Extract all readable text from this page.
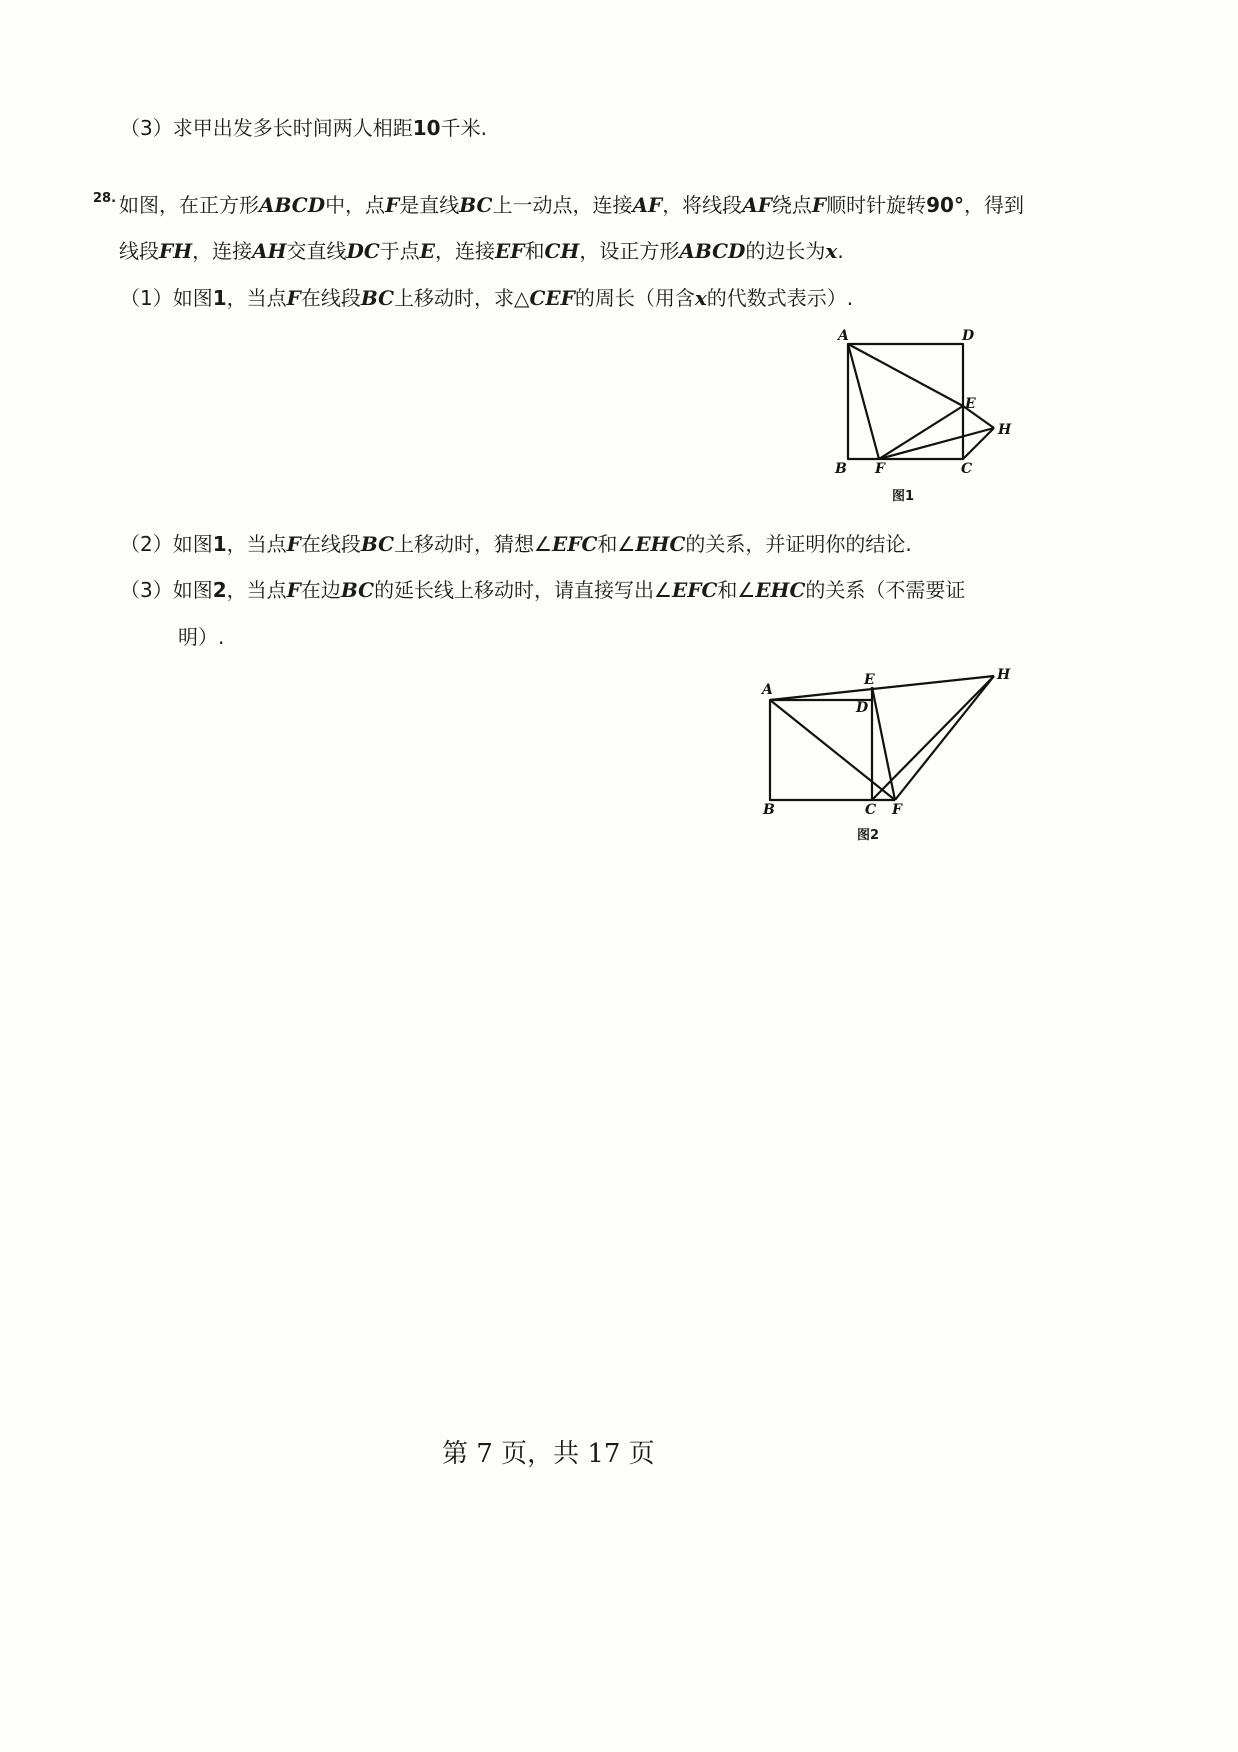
（3）求甲出发多长时间两人相距10千米.
28. 如图，在正方形ABCD中，点F是直线BC上一动点，连接AF，将线段AF绕点F顺时针旋转90°，得到
线段FH，连接AH交直线DC于点E，连接EF和CH，设正方形ABCD的边长为x.
（1）如图1，当点F在线段BC上移动时，求△CEF的周长（用含x的代数式表示）.
A	D
E
H
B F	C
图1
（2）如图1，当点F在线段BC上移动时，猜想∠EFC和∠EHC的关系，并证明你的结论.
（3）如图2，当点F在边BC的延长线上移动时，请直接写出∠EFC和∠EHC的关系（不需要证
明）.
A
E
D
H
B	C F
图2
第 7 页，共 17 页
